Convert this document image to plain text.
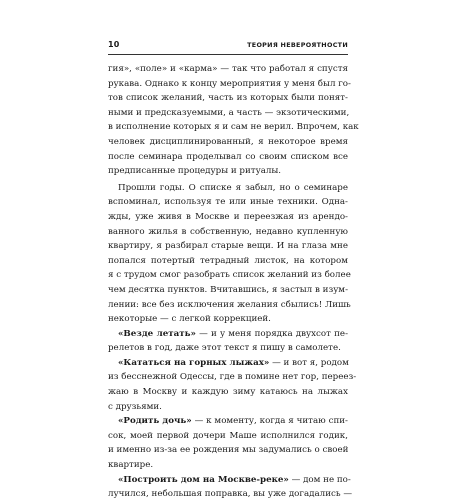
10	ТЕОРИЯ НЕВЕРОЯТНОСТИ
гия», «поле» и «карма» — так что работал я спустя
рукава. Однако к концу мероприятия у меня был го-
тов список желаний, часть из которых были понят-
ными и предсказуемыми, а часть — экзотическими,
в исполнение которых я и сам не верил. Впрочем, как
человек дисциплинированный, я некоторое время
после семинара проделывал со своим списком все
предписанные процедуры и ритуалы.
Прошли годы. О списке я забыл, но о семинаре
вспоминал, используя те или иные техники. Одна-
жды, уже живя в Москве и переезжая из арендо-
ванного жилья в собственную, недавно купленную
квартиру, я разбирал старые вещи. И на глаза мне
попался потертый тетрадный листок, на котором
я с трудом смог разобрать список желаний из более
чем десятка пунктов. Вчитавшись, я застыл в изум-
лении: все без исключения желания сбылись! Лишь
некоторые — с легкой коррекцией.
«Везде летать» — и у меня порядка двухсот пе-
релетов в год, даже этот текст я пишу в самолете.
«Кататься на горных лыжах» — и вот я, родом
из бесснежной Одессы, где в помине нет гор, переез-
жаю в Москву и каждую зиму катаюсь на лыжах
с друзьями.
«Родить дочь» — к моменту, когда я читаю спи-
сок, моей первой дочери Маше исполнился годик,
и именно из-за ее рождения мы задумались о своей
квартире.
«Построить дом на Москве-реке» — дом не по-
лучился, небольшая поправка, вы уже догадались —
